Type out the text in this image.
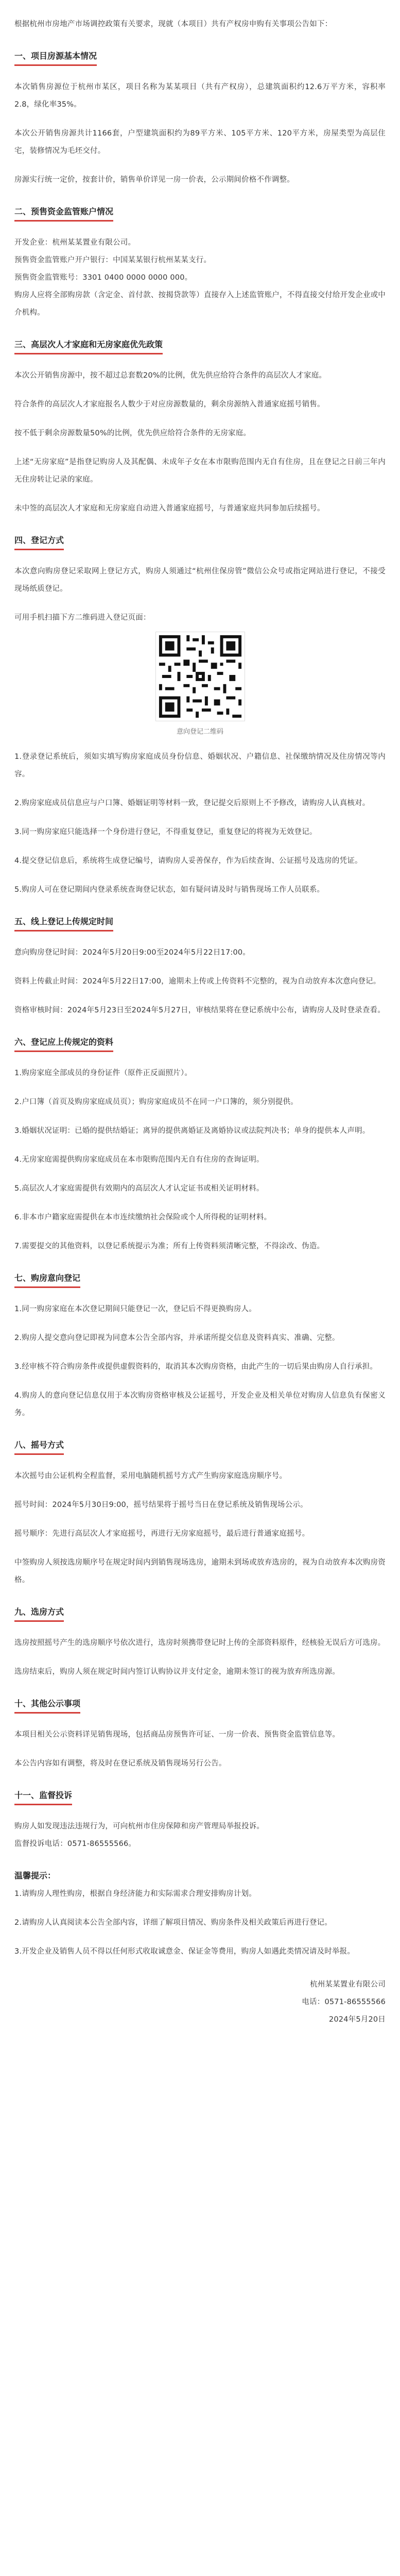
根据杭州市房地产市场调控政策有关要求，现就（本项目）共有产权房申购有关事项公告如下：

一、项目房源基本情况

本次销售房源位于杭州市某区，项目名称为某某项目（共有产权房），总建筑面积约12.6万平方米，容积率2.8，绿化率35%。

本次公开销售房源共计1166套，户型建筑面积约为89平方米、105平方米、120平方米，房屋类型为高层住宅，装修情况为毛坯交付。

房源实行统一定价，按套计价，销售单价详见一房一价表，公示期间价格不作调整。

二、预售资金监管账户情况

开发企业：杭州某某置业有限公司。

预售资金监管账户开户银行：中国某某银行杭州某某支行。

预售资金监管账号：3301 0400 0000 0000 000。

购房人应将全部购房款（含定金、首付款、按揭贷款等）直接存入上述监管账户，不得直接交付给开发企业或中介机构。

三、高层次人才家庭和无房家庭优先政策

本次公开销售房源中，按不超过总套数20%的比例，优先供应给符合条件的高层次人才家庭。

符合条件的高层次人才家庭报名人数少于对应房源数量的，剩余房源纳入普通家庭摇号销售。

按不低于剩余房源数量50%的比例，优先供应给符合条件的无房家庭。

上述“无房家庭”是指登记购房人及其配偶、未成年子女在本市限购范围内无自有住房，且在登记之日前三年内无住房转让记录的家庭。

未中签的高层次人才家庭和无房家庭自动进入普通家庭摇号，与普通家庭共同参加后续摇号。

四、登记方式

本次意向购房登记采取网上登记方式，购房人须通过“杭州住保房管”微信公众号或指定网站进行登记，不接受现场纸质登记。

可用手机扫描下方二维码进入登记页面：

意向登记二维码

1.登录登记系统后，须如实填写购房家庭成员身份信息、婚姻状况、户籍信息、社保缴纳情况及住房情况等内容。

2.购房家庭成员信息应与户口簿、婚姻证明等材料一致，登记提交后原则上不予修改，请购房人认真核对。

3.同一购房家庭只能选择一个身份进行登记，不得重复登记，重复登记的将视为无效登记。

4.提交登记信息后，系统将生成登记编号，请购房人妥善保存，作为后续查询、公证摇号及选房的凭证。

5.购房人可在登记期间内登录系统查询登记状态，如有疑问请及时与销售现场工作人员联系。

五、线上登记上传规定时间

意向购房登记时间：2024年5月20日9:00至2024年5月22日17:00。

资料上传截止时间：2024年5月22日17:00，逾期未上传或上传资料不完整的，视为自动放弃本次意向登记。

资格审核时间：2024年5月23日至2024年5月27日，审核结果将在登记系统中公布，请购房人及时登录查看。

六、登记应上传规定的资料

1.购房家庭全部成员的身份证件（原件正反面照片）。

2.户口簿（首页及购房家庭成员页）；购房家庭成员不在同一户口簿的，须分别提供。

3.婚姻状况证明：已婚的提供结婚证；离异的提供离婚证及离婚协议或法院判决书；单身的提供本人声明。

4.无房家庭需提供购房家庭成员在本市限购范围内无自有住房的查询证明。

5.高层次人才家庭需提供有效期内的高层次人才认定证书或相关证明材料。

6.非本市户籍家庭需提供在本市连续缴纳社会保险或个人所得税的证明材料。

7.需要提交的其他资料，以登记系统提示为准；所有上传资料须清晰完整，不得涂改、伪造。

七、购房意向登记

1.同一购房家庭在本次登记期间只能登记一次，登记后不得更换购房人。

2.购房人提交意向登记即视为同意本公告全部内容，并承诺所提交信息及资料真实、准确、完整。

3.经审核不符合购房条件或提供虚假资料的，取消其本次购房资格，由此产生的一切后果由购房人自行承担。

4.购房人的意向登记信息仅用于本次购房资格审核及公证摇号，开发企业及相关单位对购房人信息负有保密义务。

八、摇号方式

本次摇号由公证机构全程监督，采用电脑随机摇号方式产生购房家庭选房顺序号。

摇号时间：2024年5月30日9:00，摇号结果将于摇号当日在登记系统及销售现场公示。

摇号顺序：先进行高层次人才家庭摇号，再进行无房家庭摇号，最后进行普通家庭摇号。

中签购房人须按选房顺序号在规定时间内到销售现场选房，逾期未到场或放弃选房的，视为自动放弃本次购房资格。

九、选房方式

选房按照摇号产生的选房顺序号依次进行，选房时须携带登记时上传的全部资料原件，经核验无误后方可选房。

选房结束后，购房人须在规定时间内签订认购协议并支付定金，逾期未签订的视为放弃所选房源。

十、其他公示事项

本项目相关公示资料详见销售现场，包括商品房预售许可证、一房一价表、预售资金监管信息等。

本公告内容如有调整，将及时在登记系统及销售现场另行公告。

十一、监督投诉

购房人如发现违法违规行为，可向杭州市住房保障和房产管理局举报投诉。

监督投诉电话：0571-86555566。

温馨提示：

1.请购房人理性购房，根据自身经济能力和实际需求合理安排购房计划。

2.请购房人认真阅读本公告全部内容，详细了解项目情况、购房条件及相关政策后再进行登记。

3.开发企业及销售人员不得以任何形式收取诚意金、保证金等费用，购房人如遇此类情况请及时举报。

杭州某某置业有限公司

电话：0571-86555566

2024年5月20日
